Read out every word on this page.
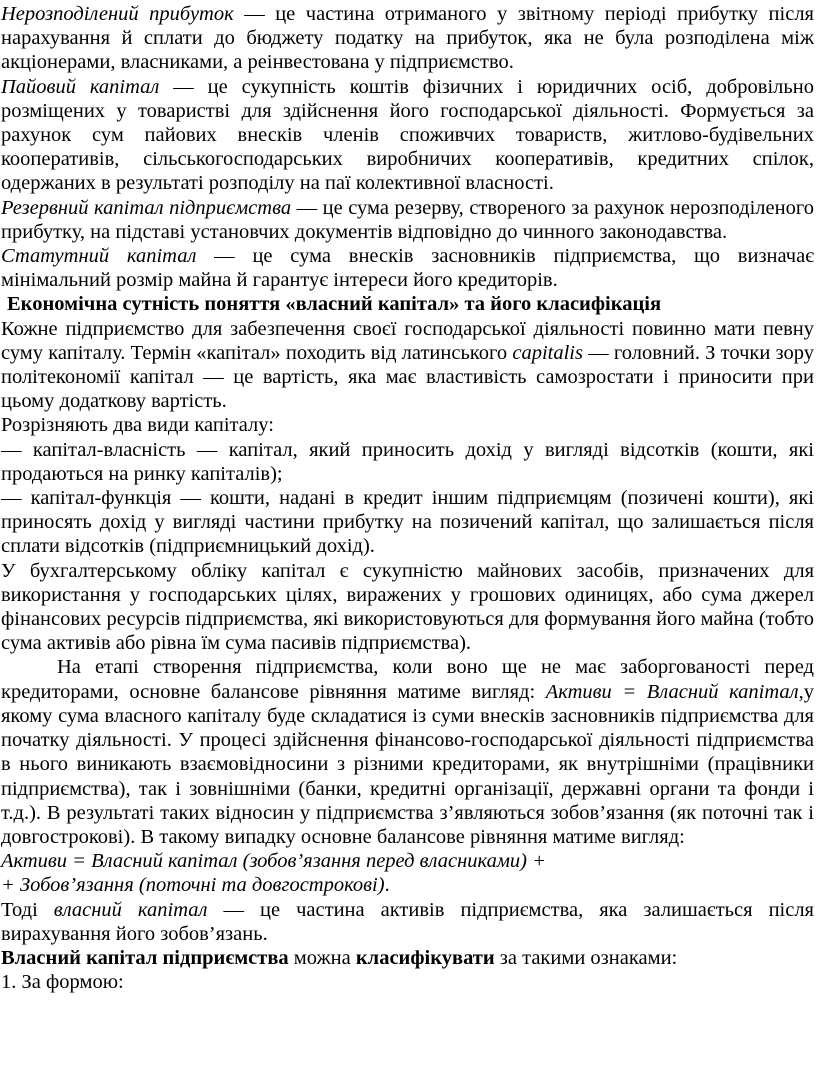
Нерозподілений прибуток — це частина отриманого у звітному періоді прибутку після нарахування й сплати до бюджету податку на прибуток, яка не була розподілена між акціонерами, власниками, а реінвестована у підприємство.

Пайовий капітал — це сукупність коштів фізичних і юридичних осіб, добровільно розміщених у товаристві для здійснення його господарської діяльності. Формується за рахунок сум пайових внесків членів споживчих товариств, житлово-будівельних кооперативів, сільськогосподарських виробничих кооперативів, кредитних спілок, одержаних в результаті розподілу на паї колективної власності.

Резервний капітал підприємства — це сума резерву, створеного за рахунок нерозподіленого прибутку, на підставі установчих документів відповідно до чинного законодавства.

Статутний капітал — це сума внесків засновників підприємства, що визначає мінімальний розмір майна й гарантує інтереси його кредиторів.

Економічна сутність поняття «власний капітал» та його класифікація

Кожне підприємство для забезпечення своєї господарської діяльності повинно мати певну суму капіталу. Термін «капітал» походить від латинського capitalis — головний. З точки зору політекономії капітал — це вартість, яка має властивість самозростати і приносити при цьому додаткову вартість.

Розрізняють два види капіталу:

— капітал-власність — капітал, який приносить дохід у вигляді відсотків (кошти, які продаються на ринку капіталів);

— капітал-функція — кошти, надані в кредит іншим підприємцям (позичені кошти), які приносять дохід у вигляді частини прибутку на позичений капітал, що залишається після сплати відсотків (підприємницький дохід).

У бухгалтерському обліку капітал є сукупністю майнових засобів, призначених для використання у господарських цілях, виражених у грошових одиницях, або сума джерел фінансових ресурсів підприємства, які використовуються для формування його майна (тобто сума активів або рівна їм сума пасивів підприємства).

На етапі створення підприємства, коли воно ще не має заборгованості перед кредиторами, основне балансове рівняння матиме вигляд: Активи = Власний капітал,у якому сума власного капіталу буде складатися із суми внесків засновників підприємства для початку діяльності. У процесі здійснення фінансово-господарської діяльності підприємства в нього виникають взаємовідносини з різними кредиторами, як внутрішніми (працівники підприємства), так і зовнішніми (банки, кредитні організації, державні органи та фонди і т.д.). В результаті таких відносин у підприємства з’являються зобов’язання (як поточні так і довгострокові). В такому випадку основне балансове рівняння матиме вигляд:

Активи = Власний капітал (зобов’язання перед власниками) +

+ Зобов’язання (поточні та довгострокові).

Тоді власний капітал — це частина активів підприємства, яка залишається після вирахування його зобов’язань.

Власний капітал підприємства можна класифікувати за такими ознаками:

1. За формою:
